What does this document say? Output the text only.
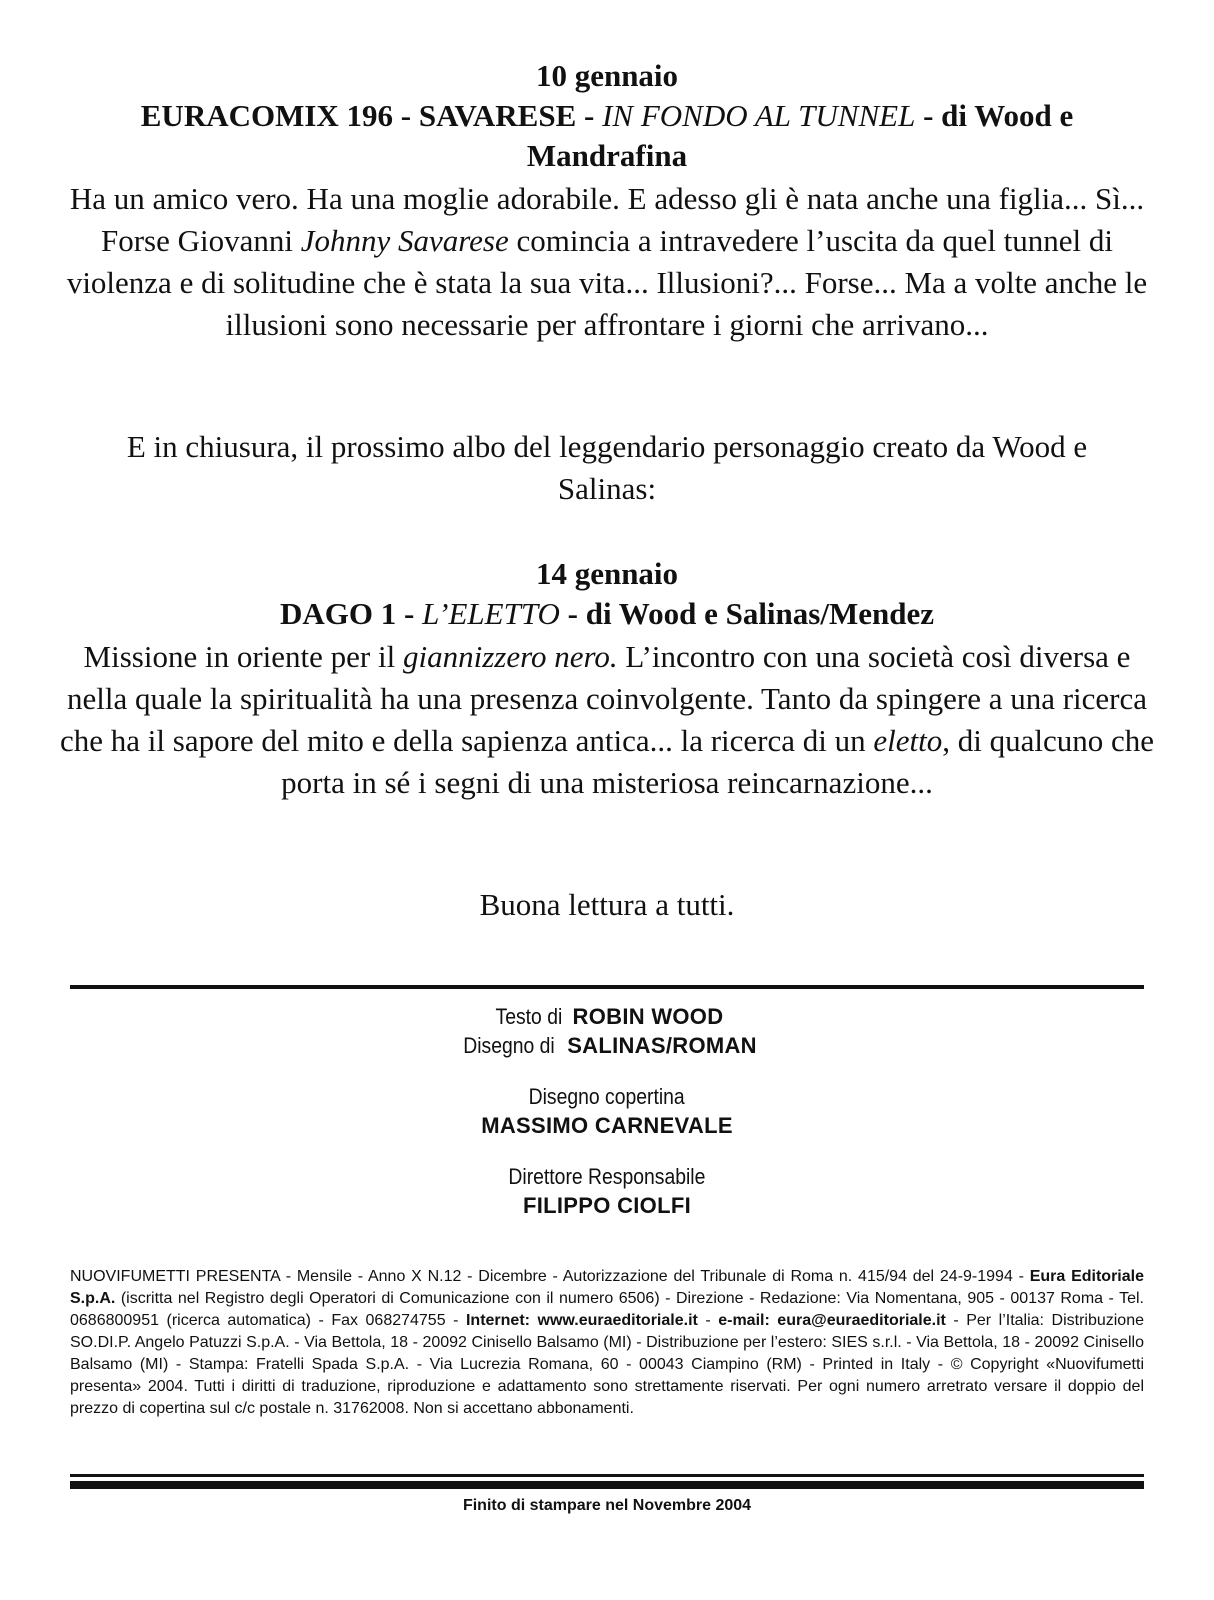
10 gennaio
EURACOMIX 196 - SAVARESE - IN FONDO AL TUNNEL - di Wood e Mandrafina
Ha un amico vero. Ha una moglie adorabile. E adesso gli è nata anche una figlia... Sì... Forse Giovanni Johnny Savarese comincia a intravedere l’uscita da quel tunnel di violenza e di solitudine che è stata la sua vita... Illusioni?... Forse... Ma a volte anche le illusioni sono necessarie per affrontare i giorni che arrivano...
E in chiusura, il prossimo albo del leggendario personaggio creato da Wood e Salinas:
14 gennaio
DAGO 1 - L’ELETTO - di Wood e Salinas/Mendez
Missione in oriente per il giannizzero nero. L’incontro con una società così diversa e nella quale la spiritualità ha una presenza coinvolgente. Tanto da spingere a una ricerca che ha il sapore del mito e della sapienza antica... la ricerca di un eletto, di qualcuno che porta in sé i segni di una misteriosa reincarnazione...
Buona lettura a tutti.
Testo di ROBIN WOOD
Disegno di SALINAS/ROMAN
Disegno copertina
MASSIMO CARNEVALE
Direttore Responsabile
FILIPPO CIOLFI
NUOVIFUMETTI PRESENTA - Mensile - Anno X N.12 - Dicembre - Autorizzazione del Tribunale di Roma n. 415/94 del 24-9-1994 - Eura Editoriale S.p.A. (iscritta nel Registro degli Operatori di Comunicazione con il numero 6506) - Direzione - Redazione: Via Nomentana, 905 - 00137 Roma - Tel. 0686800951 (ricerca automatica) - Fax 068274755 - Internet: www.euraeditoriale.it - e-mail: eura@euraeditoriale.it - Per l’Italia: Distribuzione SO.DI.P. Angelo Patuzzi S.p.A. - Via Bettola, 18 - 20092 Cinisello Balsamo (MI) - Distribuzione per l’estero: SIES s.r.l. - Via Bettola, 18 - 20092 Cinisello Balsamo (MI) - Stampa: Fratelli Spada S.p.A. - Via Lucrezia Romana, 60 - 00043 Ciampino (RM) - Printed in Italy - © Copyright «Nuovifumetti presenta» 2004. Tutti i diritti di traduzione, riproduzione e adattamento sono strettamente riservati. Per ogni numero arretrato versare il doppio del prezzo di copertina sul c/c postale n. 31762008. Non si accettano abbonamenti.
Finito di stampare nel Novembre 2004
